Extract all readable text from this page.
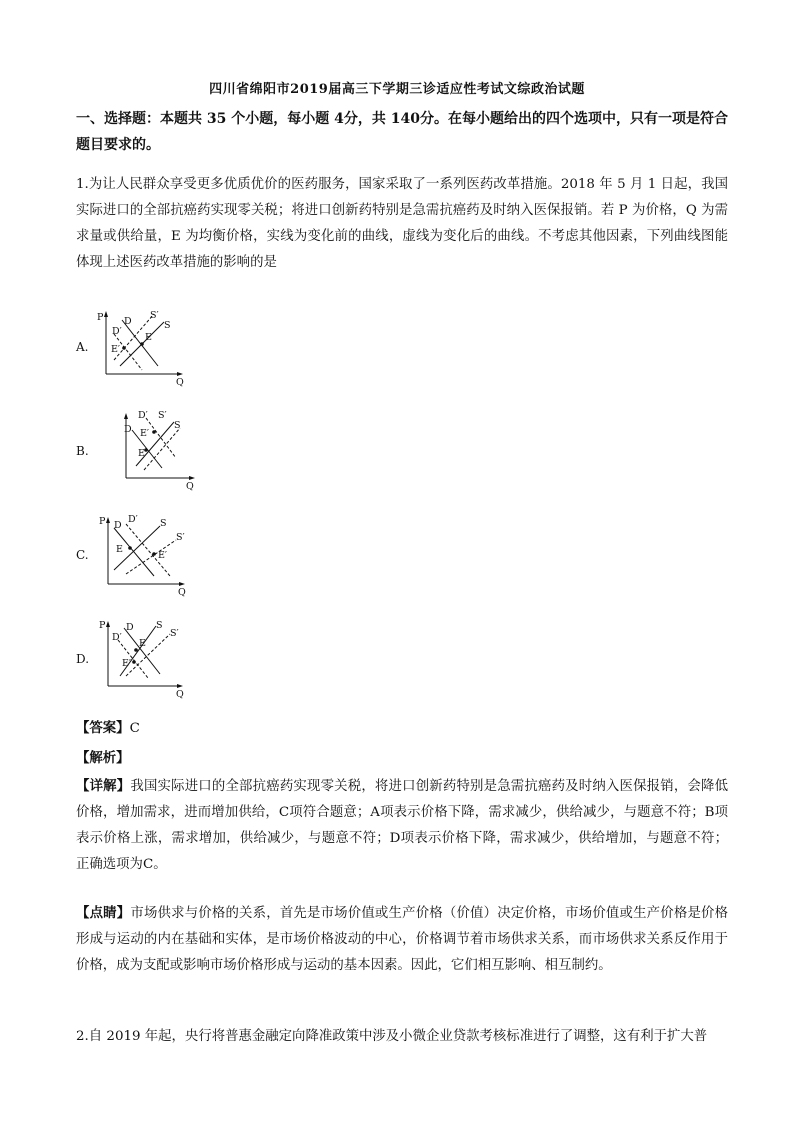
四川省绵阳市2019届高三下学期三诊适应性考试文综政治试题

一、选择题：本题共 35 个小题，每小题 4分，共 140分。在每小题给出的四个选项中，只有一项是符合题目要求的。

1.为让人民群众享受更多优质优价的医药服务，国家采取了一系列医药改革措施。2018 年 5 月 1 日起，我国实际进口的全部抗癌药实现零关税；将进口创新药特别是急需抗癌药及时纳入医保报销。若 P 为价格，Q 为需求量或供给量，E 为均衡价格，实线为变化前的曲线，虚线为变化后的曲线。不考虑其他因素，下列曲线图能体现上述医药改革措施的影响的是

A.
P
Q
D
D′
S′
S
E
E′
B.
Q
D
D′ S′
S
E
E′
C.
P
Q
D
D′ S
S′
E
E′
D.
P
Q
D
D′
S
S′
E
E′

【答案】C

【解析】

【详解】我国实际进口的全部抗癌药实现零关税，将进口创新药特别是急需抗癌药及时纳入医保报销，会降低价格，增加需求，进而增加供给，C项符合题意；A项表示价格下降，需求减少，供给减少，与题意不符；B项表示价格上涨，需求增加，供给减少，与题意不符；D项表示价格下降，需求减少，供给增加，与题意不符；正确选项为C。

【点睛】市场供求与价格的关系，首先是市场价值或生产价格（价值）决定价格，市场价值或生产价格是价格形成与运动的内在基础和实体，是市场价格波动的中心，价格调节着市场供求关系，而市场供求关系反作用于价格，成为支配或影响市场价格形成与运动的基本因素。因此，它们相互影响、相互制约。

2.自 2019 年起，央行将普惠金融定向降准政策中涉及小微企业贷款考核标准进行了调整，这有利于扩大普
